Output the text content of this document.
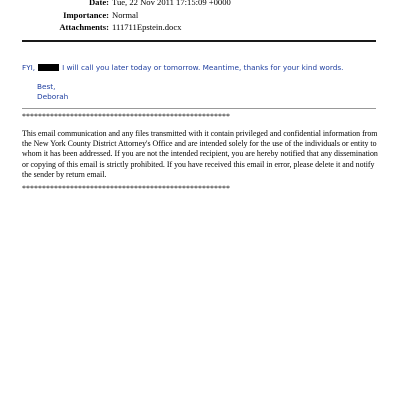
Date: Tue, 22 Nov 2011 17:15:09 +0000
Importance: Normal
Attachments: 111711Epstein.docx
FYI,	I will call you later today or tomorrow. Meantime, thanks for your kind words.
Best,
Deborah
****************************************************
This email communication and any files transmitted with it contain privileged and confidential information from the New York County District Attorney's Office and are intended solely for the use of the individuals or entity to whom it has been addressed. If you are not the intended recipient, you are hereby notified that any dissemination or copying of this email is strictly prohibited. If you have received this email in error, please delete it and notify the sender by return email.
****************************************************
